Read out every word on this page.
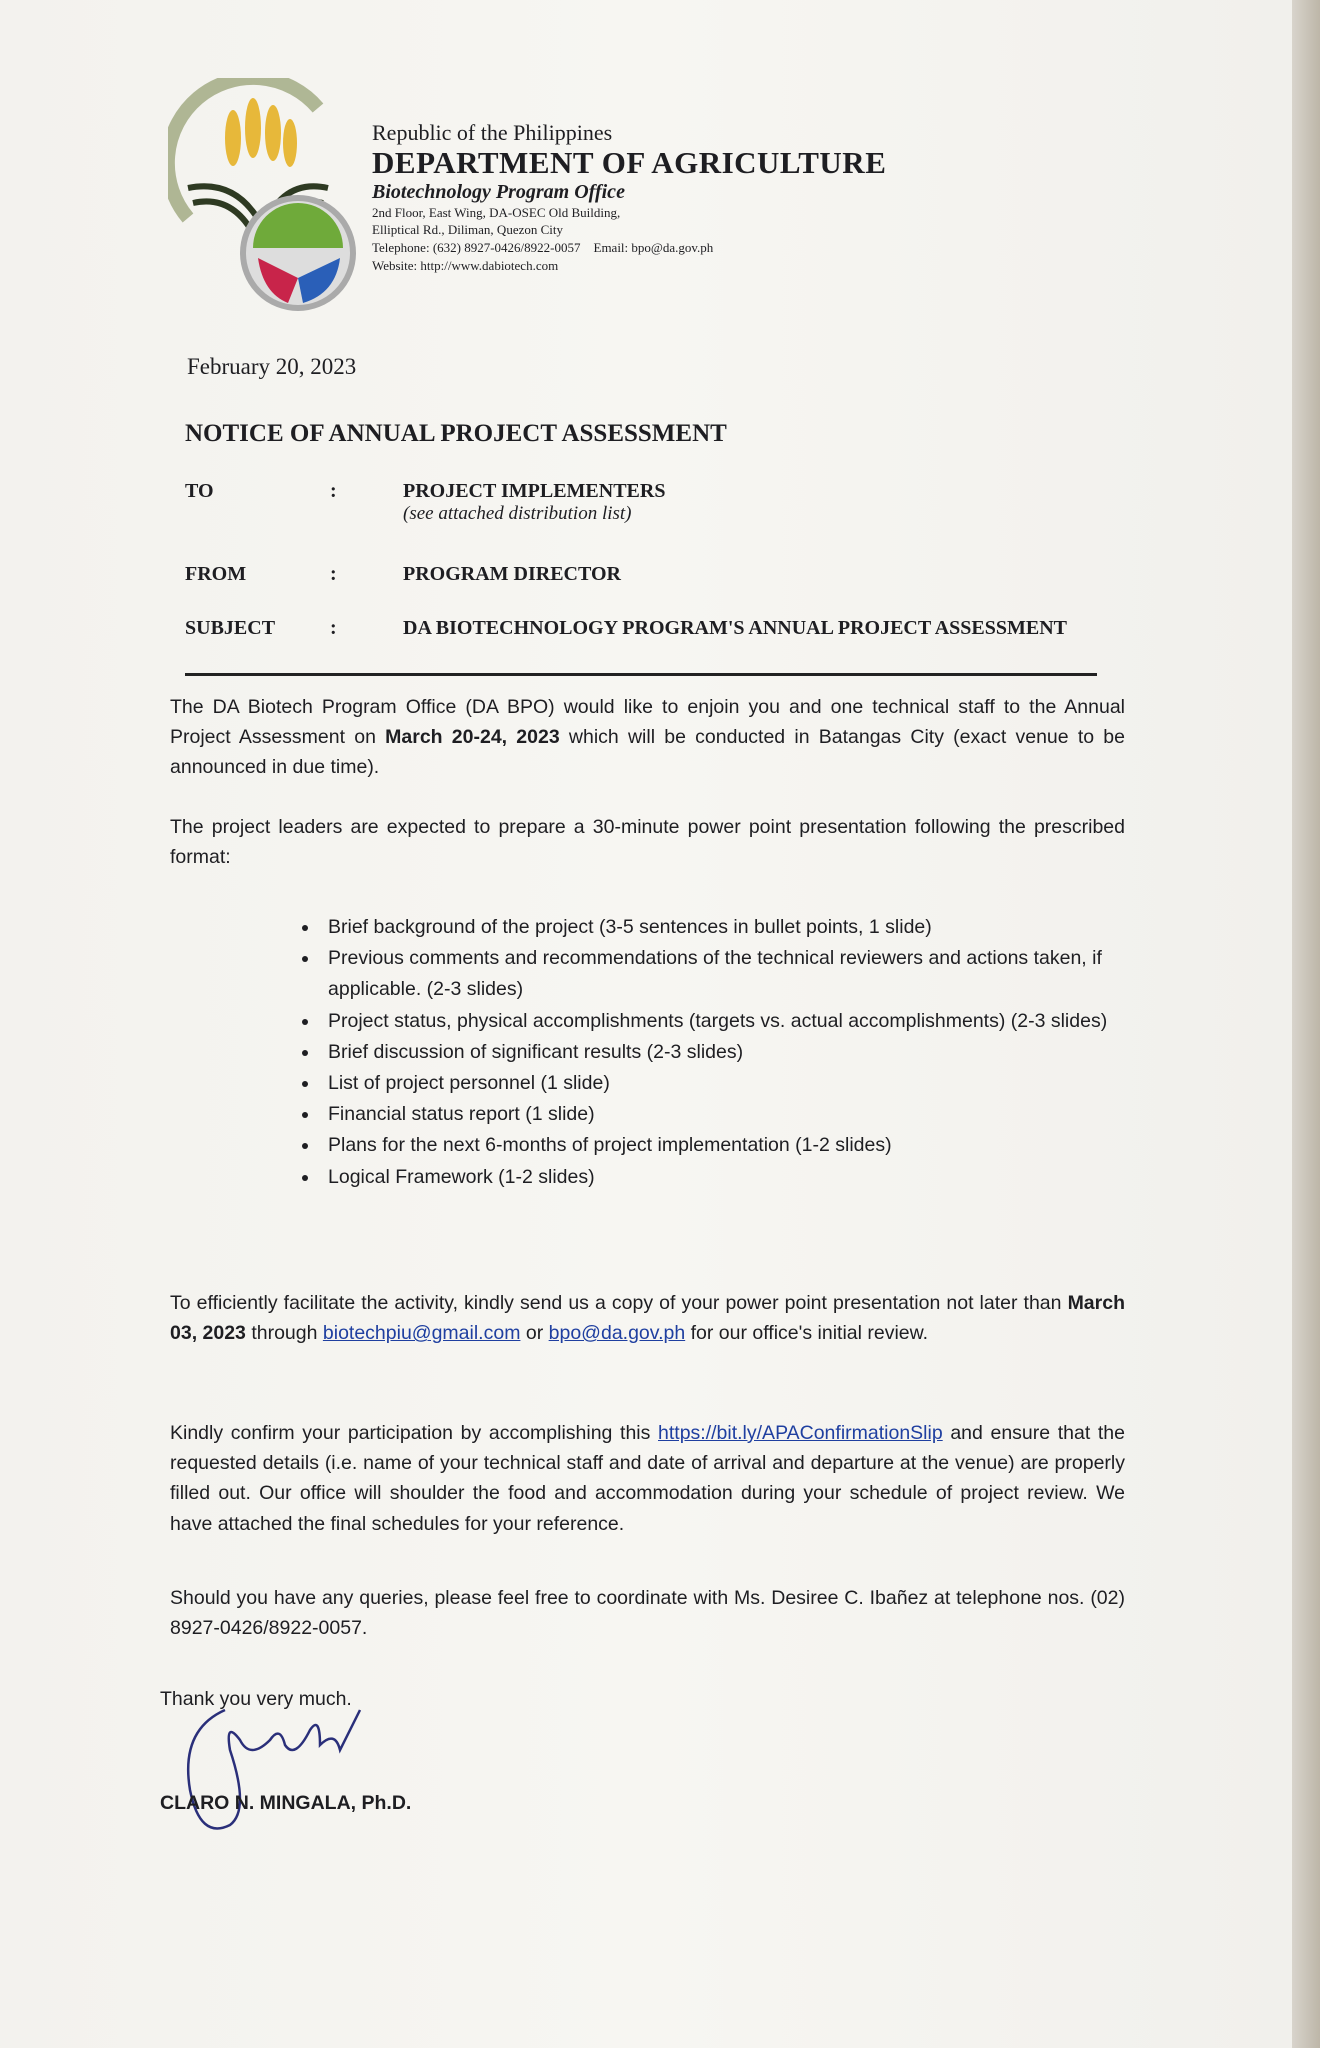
Republic of the Philippines
DEPARTMENT OF AGRICULTURE
Biotechnology Program Office
2nd Floor, East Wing, DA-OSEC Old Building,
Elliptical Rd., Diliman, Quezon City
Telephone: (632) 8927-0426/8922-0057 Email: bpo@da.gov.ph
Website: http://www.dabiotech.com
February 20, 2023
NOTICE OF ANNUAL PROJECT ASSESSMENT
TO	:	PROJECT IMPLEMENTERS
(see attached distribution list)
FROM	:	PROGRAM DIRECTOR
SUBJECT	:	DA BIOTECHNOLOGY PROGRAM'S ANNUAL PROJECT ASSESSMENT

The DA Biotech Program Office (DA BPO) would like to enjoin you and one technical staff to the Annual Project Assessment on March 20-24, 2023 which will be conducted in Batangas City (exact venue to be announced in due time).

The project leaders are expected to prepare a 30-minute power point presentation following the prescribed format:

• Brief background of the project (3-5 sentences in bullet points, 1 slide)
• Previous comments and recommendations of the technical reviewers and actions taken, if applicable. (2-3 slides)
• Project status, physical accomplishments (targets vs. actual accomplishments) (2-3 slides)
• Brief discussion of significant results (2-3 slides)
• List of project personnel (1 slide)
• Financial status report (1 slide)
• Plans for the next 6-months of project implementation (1-2 slides)
• Logical Framework (1-2 slides)

To efficiently facilitate the activity, kindly send us a copy of your power point presentation not later than March 03, 2023 through biotechpiu@gmail.com or bpo@da.gov.ph for our office's initial review.

Kindly confirm your participation by accomplishing this https://bit.ly/APAConfirmationSlip and ensure that the requested details (i.e. name of your technical staff and date of arrival and departure at the venue) are properly filled out. Our office will shoulder the food and accommodation during your schedule of project review. We have attached the final schedules for your reference.

Should you have any queries, please feel free to coordinate with Ms. Desiree C. Ibañez at telephone nos. (02) 8927-0426/8922-0057.

Thank you very much.
CLARO N. MINGALA, Ph.D.
